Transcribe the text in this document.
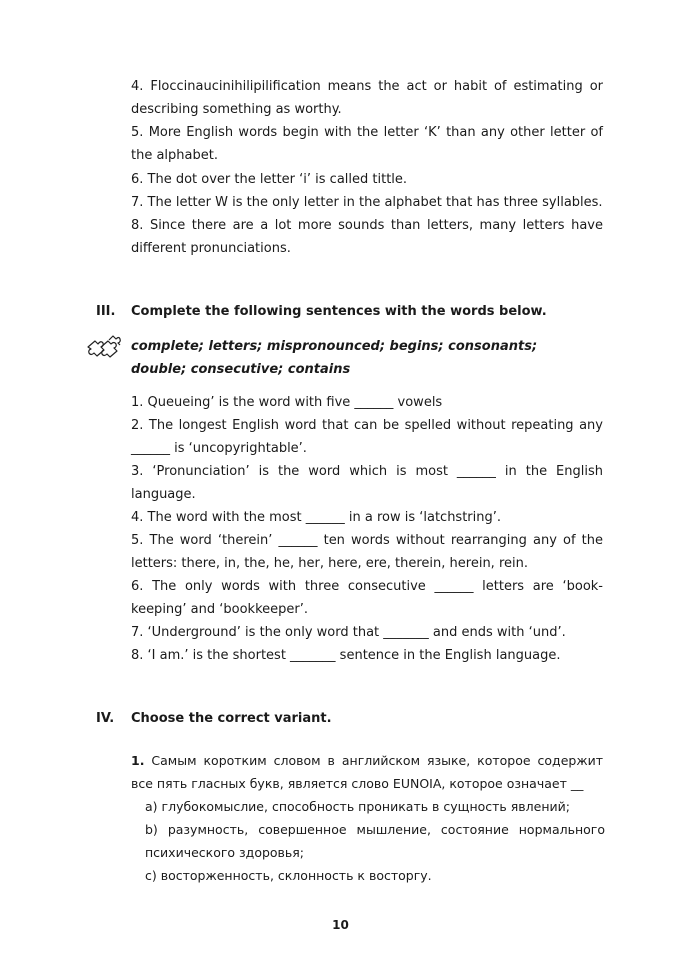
4. Floccinaucinihilipilification means the act or habit of estimating or describing something as worthy.
5. More English words begin with the letter ‘K’ than any other letter of the alphabet.
6. The dot over the letter ‘i’ is called tittle.
7. The letter W is the only letter in the alphabet that has three syllables.
8. Since there are a lot more sounds than letters, many letters have different pronunciations.
III. Complete the following sentences with the words below.
complete; letters; mispronounced; begins; consonants; double; consecutive; contains
1. Queueing’ is the word with five ______ vowels
2. The longest English word that can be spelled without repeating any ______ is ‘uncopyrightable’.
3. ‘Pronunciation’ is the word which is most ______ in the English language.
4. The word with the most ______ in a row is ‘latchstring’.
5. The word ‘therein’ ______ ten words without rearranging any of the letters: there, in, the, he, her, here, ere, therein, herein, rein.
6. The only words with three consecutive ______ letters are ‘book-keeping’ and ‘bookkeeper’.
7. ‘Underground’ is the only word that _______ and ends with ‘und’.
8. ‘I am.’ is the shortest _______ sentence in the English language.
IV. Choose the correct variant.
1. Самым коротким словом в английском языке, которое содержит все пять гласных букв, является слово EUNOIA, которое означает __
a) глубокомыслие, способность проникать в сущность явлений;
b) разумность, совершенное мышление, состояние нормального психического здоровья;
c) восторженность, склонность к восторгу.
10
